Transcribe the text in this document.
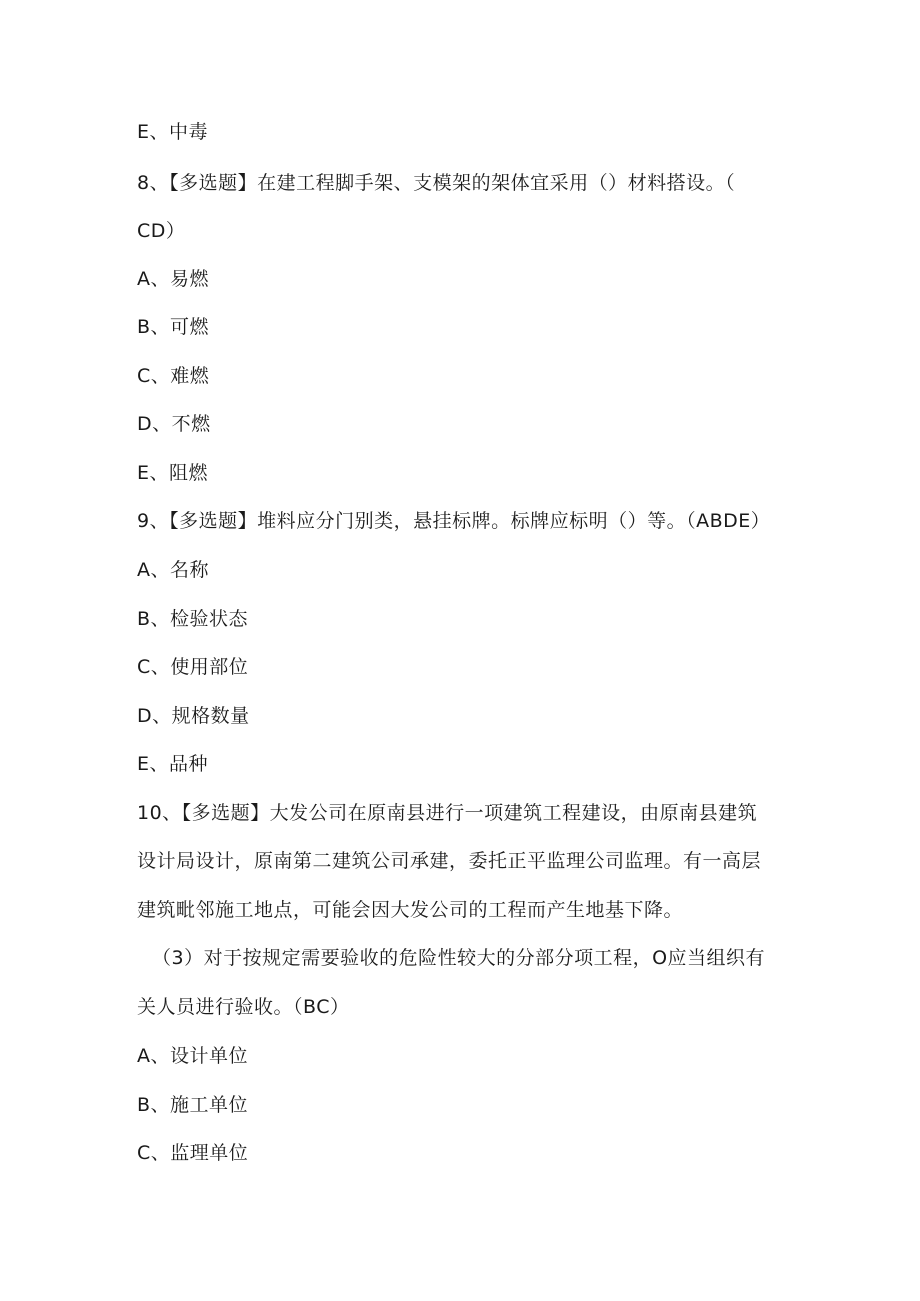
E、中毒
8、【多选题】在建工程脚手架、支模架的架体宜采用（）材料搭设。（
CD）
A、易燃
B、可燃
C、难燃
D、不燃
E、阻燃
9、【多选题】堆料应分门别类，悬挂标牌。标牌应标明（）等。（ABDE）
A、名称
B、检验状态
C、使用部位
D、规格数量
E、品种
10、【多选题】大发公司在原南县进行一项建筑工程建设，由原南县建筑
设计局设计，原南第二建筑公司承建，委托正平监理公司监理。有一高层
建筑毗邻施工地点，可能会因大发公司的工程而产生地基下降。
（3）对于按规定需要验收的危险性较大的分部分项工程，O应当组织有
关人员进行验收。（BC）
A、设计单位
B、施工单位
C、监理单位
